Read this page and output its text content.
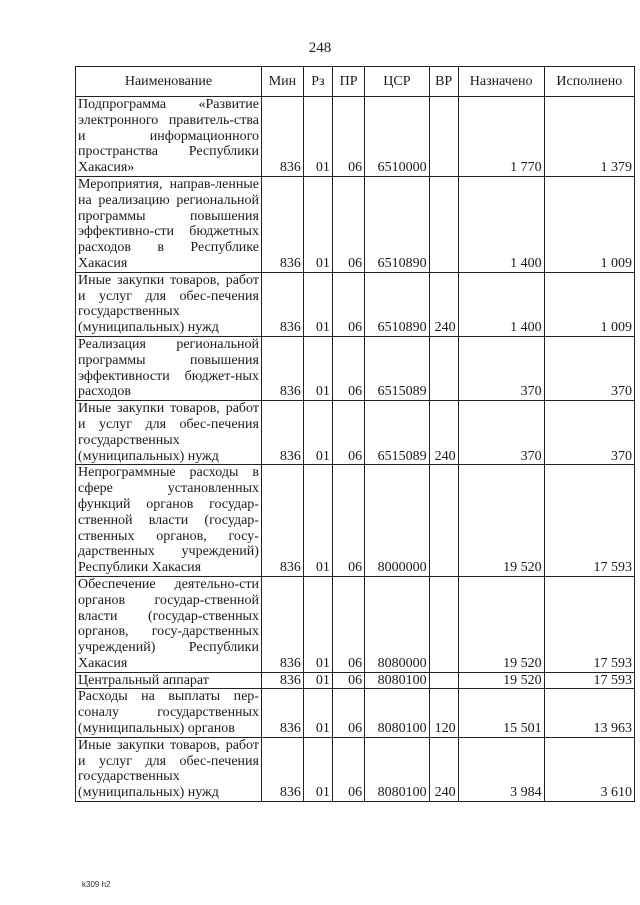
248
Наименование	Мин	Рз	ПР	ЦСР	ВР	Назначено	Исполнено
Подпрограмма «Развитие электронного правитель-ства и информационного пространства Республики Хакасия»	836	01	06	6510000		1 770	1 379
Мероприятия, направ-ленные на реализацию региональной программы повышения эффективно-сти бюджетных расходов в Республике Хакасия	836	01	06	6510890		1 400	1 009
Иные закупки товаров, работ и услуг для обес-печения государственных (муниципальных) нужд	836	01	06	6510890	240	1 400	1 009
Реализация региональной программы повышения эффективности бюджет-ных расходов	836	01	06	6515089		370	370
Иные закупки товаров, работ и услуг для обес-печения государственных (муниципальных) нужд	836	01	06	6515089	240	370	370
Непрограммные расходы в сфере установленных функций органов государ-ственной власти (государ-ственных органов, госу-дарственных учреждений) Республики Хакасия	836	01	06	8000000		19 520	17 593
Обеспечение деятельно-сти органов государ-ственной власти (государ-ственных органов, госу-дарственных учреждений) Республики Хакасия	836	01	06	8080000		19 520	17 593
Центральный аппарат	836	01	06	8080100		19 520	17 593
Расходы на выплаты пер-соналу государственных (муниципальных) органов	836	01	06	8080100	120	15 501	13 963
Иные закупки товаров, работ и услуг для обес-печения государственных (муниципальных) нужд	836	01	06	8080100	240	3 984	3 610
k309 h2
